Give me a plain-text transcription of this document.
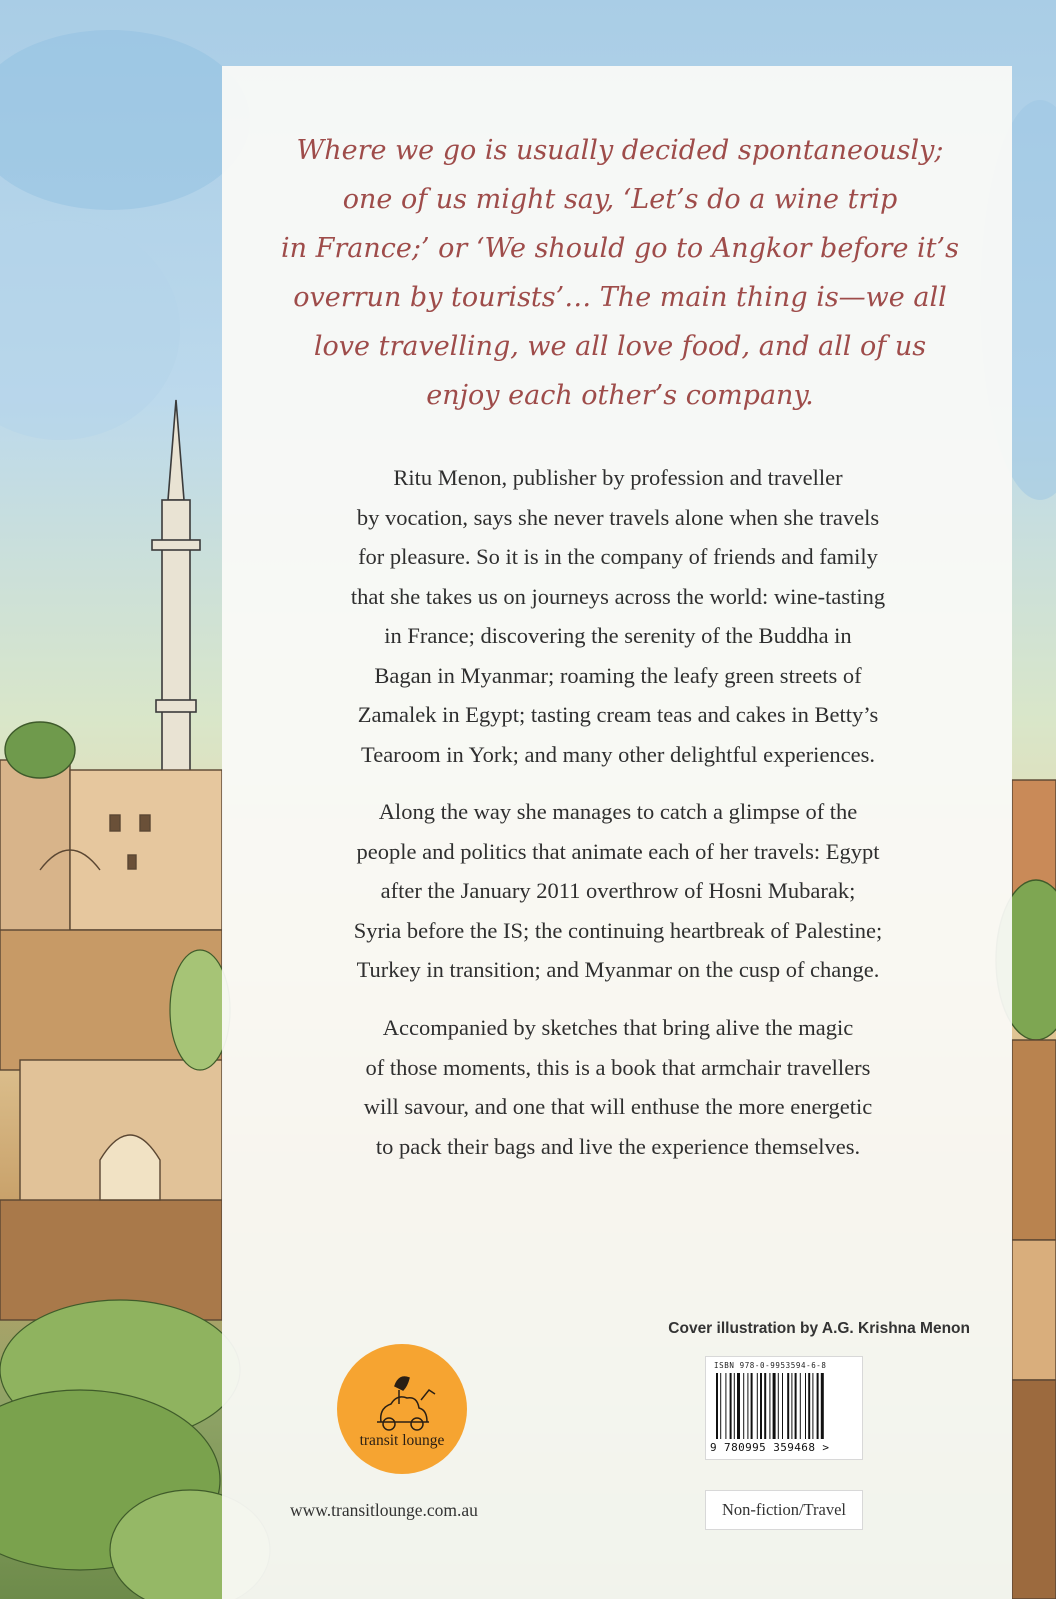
Where we go is usually decided spontaneously;
one of us might say, ‘Let’s do a wine trip
in France;’ or ‘We should go to Angkor before it’s
overrun by tourists’… The main thing is—we all
love travelling, we all love food, and all of us
enjoy each other’s company.

Ritu Menon, publisher by profession and traveller
by vocation, says she never travels alone when she travels
for pleasure. So it is in the company of friends and family
that she takes us on journeys across the world: wine-tasting
in France; discovering the serenity of the Buddha in
Bagan in Myanmar; roaming the leafy green streets of
Zamalek in Egypt; tasting cream teas and cakes in Betty’s
Tearoom in York; and many other delightful experiences.

Along the way she manages to catch a glimpse of the
people and politics that animate each of her travels: Egypt
after the January 2011 overthrow of Hosni Mubarak;
Syria before the IS; the continuing heartbreak of Palestine;
Turkey in transition; and Myanmar on the cusp of change.

Accompanied by sketches that bring alive the magic
of those moments, this is a book that armchair travellers
will savour, and one that will enthuse the more energetic
to pack their bags and live the experience themselves.

Cover illustration by A.G. Krishna Menon
transit lounge
www.transitlounge.com.au
ISBN 978-0-9953594-6-8
9 780995 359468 >
Non-fiction/Travel
